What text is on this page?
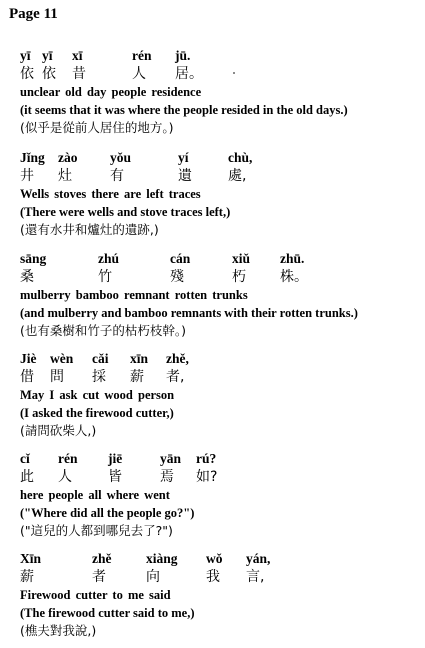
Page 11
yī yī xī	rén jū.
依 依 昔	人 居。
unclear old day people residence
(it seems that it was where the people resided in the old days.)
(似乎是從前人居住的地方。)
Jǐng zào yǒu	yí	chù,
井 灶	有	遺	處,
Wells stoves there are left traces
(There were wells and stove traces left,)
(還有水井和爐灶的遺跡,)
sāng	zhú	cán	xiǔ zhū.
桑	竹	殘	朽 株。
mulberry bamboo remnant rotten trunks
(and mulberry and bamboo remnants with their rotten trunks.)
(也有桑樹和竹子的枯朽枝幹。)
Jiè wèn cǎi xīn zhě,
借 問 採 薪 者,
May I ask cut wood person
(I asked the firewood cutter,)
(請問砍柴人,)
cǐ rén jiē	yān rú?
此 人	皆	焉 如?
here people all where went
("Where did all the people go?")
("這兒的人都到哪兒去了?")
Xīn	zhě	xiàng wǒ yán,
薪	者	向	我 言,
Firewood cutter to me said
(The firewood cutter said to me,)
(樵夫對我說,)
